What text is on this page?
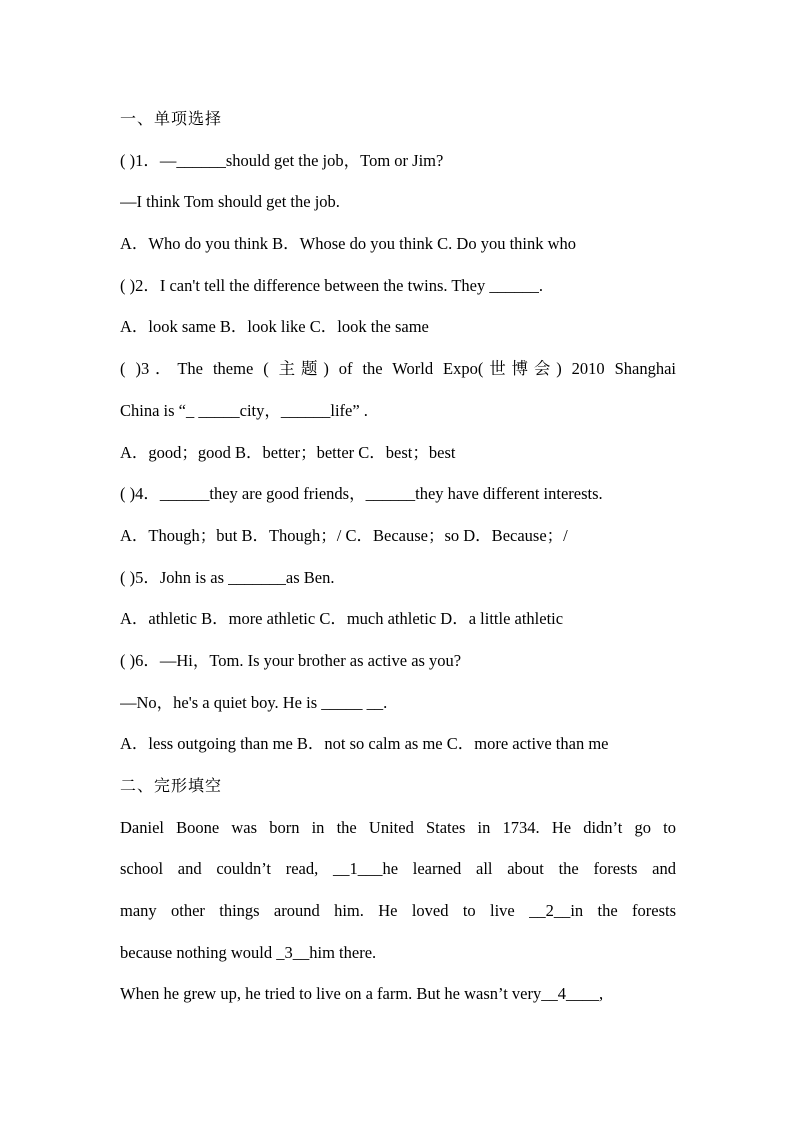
一、单项选择
( )1．—______should get the job，Tom or Jim?
—I think Tom should get the job.
A．Who do you think B．Whose do you think C. Do you think who
( )2．I can't tell the difference between the twins. They ______.
A．look same B．look like C．look the same
( )3．The theme ( 主题) of the World Expo(世博会) 2010 Shanghai
China is “_ _____city，______life” .
A．good；good B．better；better C．best；best
( )4．______they are good friends，______they have different interests.
A．Though；but B．Though；/ C．Because；so D．Because；/
( )5．John is as _______as Ben.
A．athletic B．more athletic C．much athletic D．a little athletic
( )6．—Hi，Tom. Is your brother as active as you?
—No，he's a quiet boy. He is _____ __.
A．less outgoing than me B．not so calm as me C．more active than me
二、完形填空
Daniel Boone was born in the United States in 1734. He didn’t go to
school and couldn’t read, __1___he learned all about the forests and
many other things around him. He loved to live __2__in the forests
because nothing would _3__him there.
When he grew up, he tried to live on a farm. But he wasn’t very__4____,
